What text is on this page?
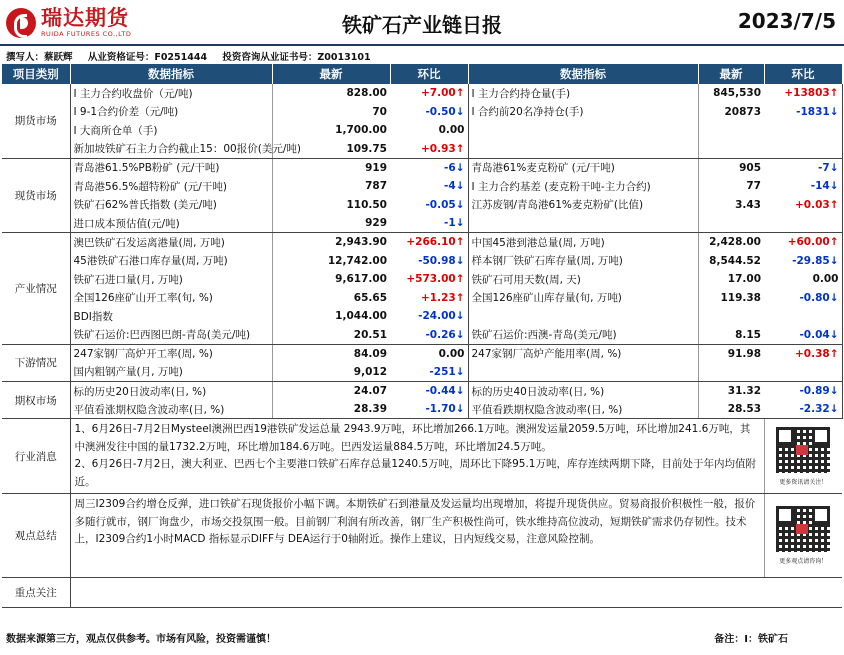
瑞达期货
RUIDA FUTURES CO.,LTD	铁矿石产业链日报	2023/7/5
撰写人：蔡跃辉 从业资格证号：F0251444 投资咨询从业证书号：Z0013101
项目类别	数据指标	最新	环比	数据指标	最新	环比
期货市场	I 主力合约收盘价（元/吨)	828.00	+7.00↑	I 主力合约持仓量(手)	845,530	+13803↑
	I 9-1合约价差（元/吨)	70	-0.50↓	I 合约前20名净持仓(手)	20873	-1831↓
	I 大商所仓单（手)	1,700.00	0.00			
	新加坡铁矿石主力合约截止15：00报价(美元/吨)	109.75	+0.93↑			
现货市场	青岛港61.5%PB粉矿 (元/干吨)	919	-6↓	青岛港61%麦克粉矿 (元/干吨)	905	-7↓
	青岛港56.5%超特粉矿 (元/干吨)	787	-4↓	I 主力合约基差 (麦克粉干吨-主力合约)	77	-14↓
	铁矿石62%普氏指数 (美元/吨)	110.50	-0.05↓	江苏废钢/青岛港61%麦克粉矿(比值)	3.43	+0.03↑
	进口成本预估值(元/吨)	929	-1↓			
产业情况	澳巴铁矿石发运离港量(周, 万吨)	2,943.90	+266.10↑	中国45港到港总量(周, 万吨)	2,428.00	+60.00↑
	45港铁矿石港口库存量(周, 万吨)	12,742.00	-50.98↓	样本钢厂铁矿石库存量(周, 万吨)	8,544.52	-29.85↓
	铁矿石进口量(月, 万吨)	9,617.00	+573.00↑	铁矿石可用天数(周, 天)	17.00	0.00
	全国126座矿山开工率(旬, %)	65.65	+1.23↑	全国126座矿山库存量(旬, 万吨)	119.38	-0.80↓
	BDI指数	1,044.00	-24.00↓			
	铁矿石运价:巴西图巴朗-青岛(美元/吨)	20.51	-0.26↓	铁矿石运价:西澳-青岛(美元/吨)	8.15	-0.04↓
下游情况	247家钢厂高炉开工率(周, %)	84.09	0.00	247家钢厂高炉产能用率(周, %)	91.98	+0.38↑
	国内粗钢产量(月, 万吨)	9,012	-251↓			
期权市场	标的历史20日波动率(日, %)	24.07	-0.44↓	标的历史40日波动率(日, %)	31.32	-0.89↓
	平值看涨期权隐含波动率(日, %)	28.39	-1.70↓	平值看跌期权隐含波动率(日, %)	28.53	-2.32↓
行业消息	1、6月26日-7月2日Mysteel澳洲巴西19港铁矿发运总量 2943.9万吨，环比增加266.1万吨。澳洲发运量2059.5万吨，环比增加241.6万吨，其中澳洲发往中国的量1732.2万吨，环比增加184.6万吨。巴西发运量884.5万吨，环比增加24.5万吨。
2、6月26日-7月2日，澳大利亚、巴西七个主要港口铁矿石库存总量1240.5万吨，周环比下降95.1万吨，库存连续两期下降，目前处于年内均值附近。					更多资讯请关注！

观点总结	周三I2309合约增仓反弹，进口铁矿石现货报价小幅下调。本期铁矿石到港量及发运量均出现增加，将提升现货供应。贸易商报价积极性一般，报价多随行就市，钢厂询盘少，市场交投氛围一般。目前钢厂利润有所改善，钢厂生产积极性尚可，铁水维持高位波动，短期铁矿需求仍存韧性。技术上，I2309合约1小时MACD 指标显示DIFF与 DEA运行于0轴附近。操作上建议，日内短线交易，注意风险控制。					更多观点请咨询！

重点关注						
数据来源第三方，观点仅供参考。市场有风险，投资需谨慎！	备注：I：铁矿石
